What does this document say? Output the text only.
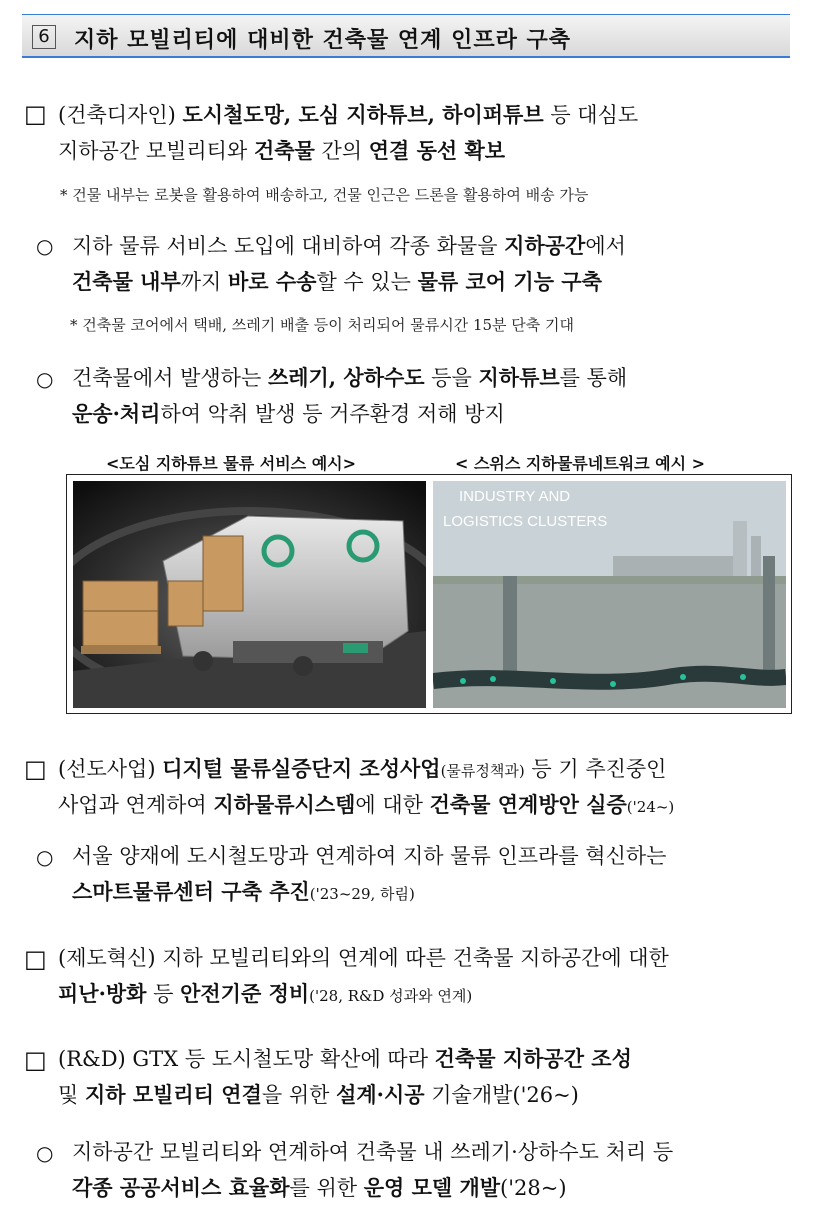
6 지하 모빌리티에 대비한 건축물 연계 인프라 구축
□ (건축디자인) 도시철도망, 도심 지하튜브, 하이퍼튜브 등 대심도
지하공간 모빌리티와 건축물 간의 연결 동선 확보
* 건물 내부는 로봇을 활용하여 배송하고, 건물 인근은 드론을 활용하여 배송 가능
○ 지하 물류 서비스 도입에 대비하여 각종 화물을 지하공간에서
건축물 내부까지 바로 수송할 수 있는 물류 코어 기능 구축
* 건축물 코어에서 택배, 쓰레기 배출 등이 처리되어 물류시간 15분 단축 기대
○ 건축물에서 발생하는 쓰레기, 상하수도 등을 지하튜브를 통해
운송·처리하여 악취 발생 등 거주환경 저해 방지
<도심 지하튜브 물류 서비스 예시>	< 스위스 지하물류네트워크 예시 >
INDUSTRY AND
LOGISTICS CLUSTERS
□ (선도사업) 디지털 물류실증단지 조성사업(물류정책과) 등 기 추진중인
사업과 연계하여 지하물류시스템에 대한 건축물 연계방안 실증('24~)
○ 서울 양재에 도시철도망과 연계하여 지하 물류 인프라를 혁신하는
스마트물류센터 구축 추진('23~29, 하림)
□ (제도혁신) 지하 모빌리티와의 연계에 따른 건축물 지하공간에 대한
피난·방화 등 안전기준 정비('28, R&D 성과와 연계)
□ (R&D) GTX 등 도시철도망 확산에 따라 건축물 지하공간 조성
및 지하 모빌리티 연결을 위한 설계·시공 기술개발('26~)
○ 지하공간 모빌리티와 연계하여 건축물 내 쓰레기·상하수도 처리 등
각종 공공서비스 효율화를 위한 운영 모델 개발('28~)
